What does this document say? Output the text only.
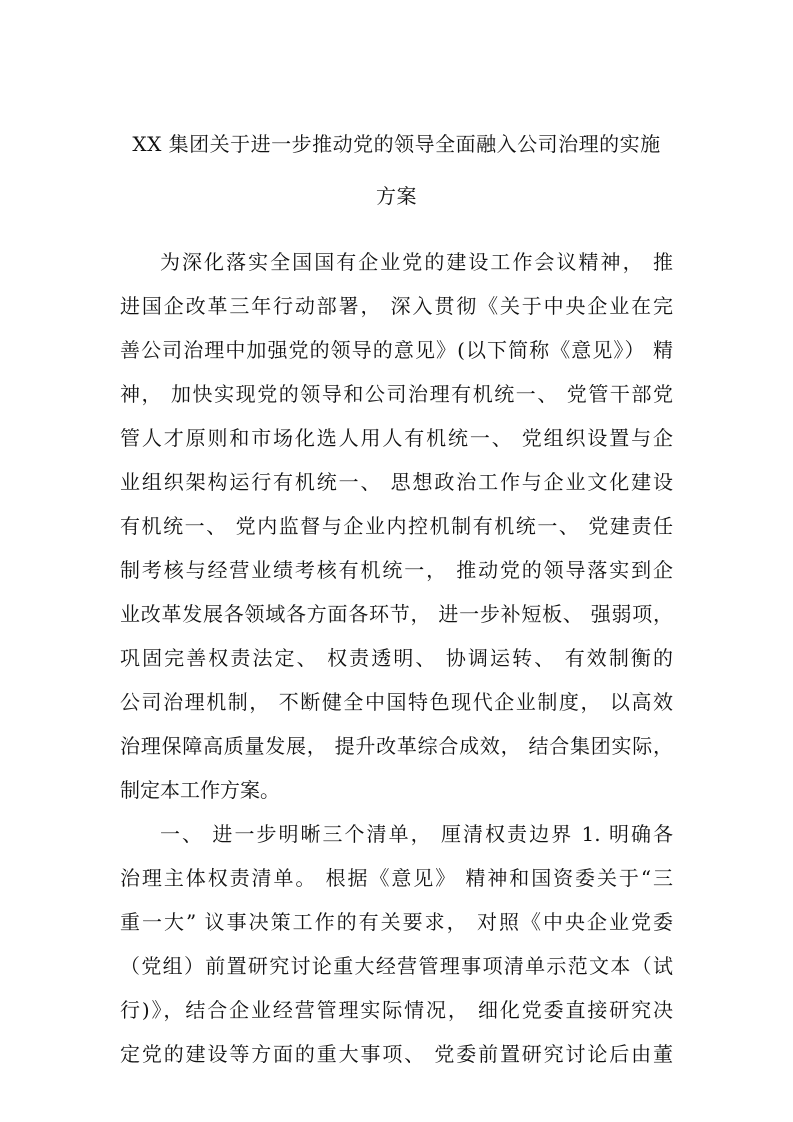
XX 集团关于进一步推动党的领导全面融入公司治理的实施
方案
为深化落实全国国有企业党的建设工作会议精神， 推
进国企改革三年行动部署， 深入贯彻《关于中央企业在完
善公司治理中加强党的领导的意见》(以下简称《意见》） 精
神， 加快实现党的领导和公司治理有机统一、 党管干部党
管人才原则和市场化选人用人有机统一、 党组织设置与企
业组织架构运行有机统一、 思想政治工作与企业文化建设
有机统一、 党内监督与企业内控机制有机统一、 党建责任
制考核与经营业绩考核有机统一， 推动党的领导落实到企
业改革发展各领域各方面各环节， 进一步补短板、 强弱项，
巩固完善权责法定、 权责透明、 协调运转、 有效制衡的
公司治理机制， 不断健全中国特色现代企业制度， 以高效
治理保障高质量发展， 提升改革综合成效， 结合集团实际，
制定本工作方案。
一、 进一步明晰三个清单， 厘清权责边界 1. 明确各
治理主体权责清单。 根据《意见》 精神和国资委关于“三
重一大” 议事决策工作的有关要求， 对照《中央企业党委
（党组）前置研究讨论重大经营管理事项清单示范文本（试
行)》，结合企业经营管理实际情况， 细化党委直接研究决
定党的建设等方面的重大事项、 党委前置研究讨论后由董
